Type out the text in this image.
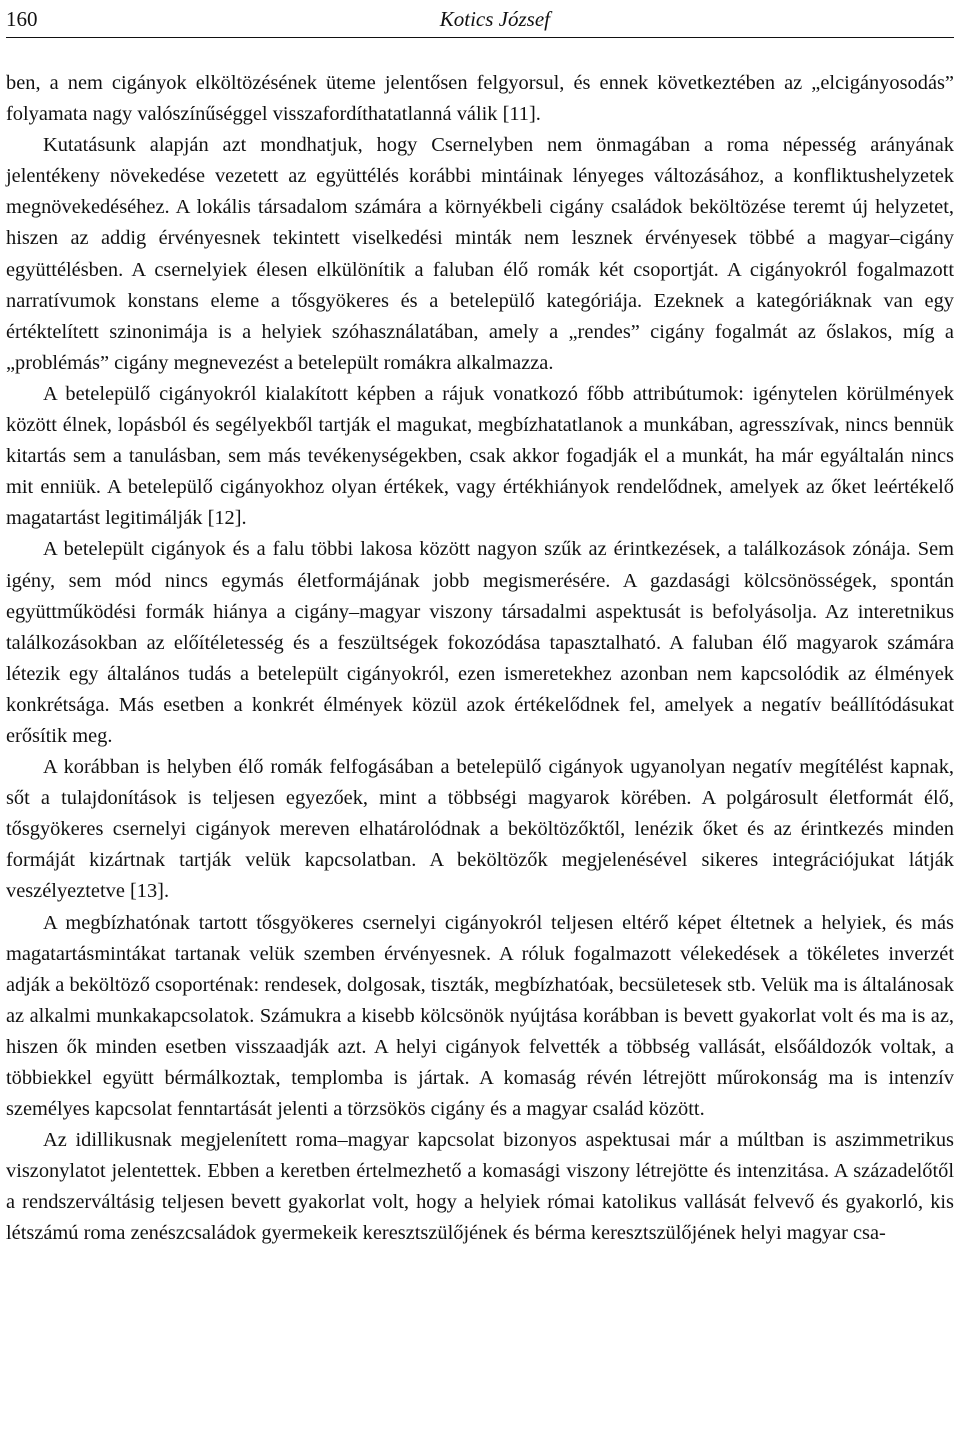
160	Kotics József

ben, a nem cigányok elköltözésének üteme jelentősen felgyorsul, és ennek következtében az „elcigányosodás” folyamata nagy valószínűséggel visszafordíthatatlanná válik [11].

Kutatásunk alapján azt mondhatjuk, hogy Csernelyben nem önmagában a roma népesség arányának jelentékeny növekedése vezetett az együttélés korábbi mintáinak lényeges változásához, a konfliktushelyzetek megnövekedéséhez. A lokális társadalom számára a környékbeli cigány családok beköltözése teremt új helyzetet, hiszen az addig érvényesnek tekintett viselkedési minták nem lesznek érvényesek többé a magyar–cigány együttélésben. A csernelyiek élesen elkülönítik a faluban élő romák két csoportját. A cigányokról fogalmazott narratívumok konstans eleme a tősgyökeres és a betelepülő kategóriája. Ezeknek a kategóriáknak van egy értéktelített szinonimája is a helyiek szóhasználatában, amely a „rendes” cigány fogalmát az őslakos, míg a „problémás” cigány megnevezést a betelepült romákra alkalmazza.

A betelepülő cigányokról kialakított képben a rájuk vonatkozó főbb attribútumok: igénytelen körülmények között élnek, lopásból és segélyekből tartják el magukat, megbízhatatlanok a munkában, agresszívak, nincs bennük kitartás sem a tanulásban, sem más tevékenységekben, csak akkor fogadják el a munkát, ha már egyáltalán nincs mit enniük. A betelepülő cigányokhoz olyan értékek, vagy értékhiányok rendelődnek, amelyek az őket leértékelő magatartást legitimálják [12].

A betelepült cigányok és a falu többi lakosa között nagyon szűk az érintkezések, a találkozások zónája. Sem igény, sem mód nincs egymás életformájának jobb megismerésére. A gazdasági kölcsönösségek, spontán együttműködési formák hiánya a cigány–magyar viszony társadalmi aspektusát is befolyásolja. Az interetnikus találkozásokban az előítéletesség és a feszültségek fokozódása tapasztalható. A faluban élő magyarok számára létezik egy általános tudás a betelepült cigányokról, ezen ismeretekhez azonban nem kapcsolódik az élmények konkrétsága. Más esetben a konkrét élmények közül azok értékelődnek fel, amelyek a negatív beállítódásukat erősítik meg.

A korábban is helyben élő romák felfogásában a betelepülő cigányok ugyanolyan negatív megítélést kapnak, sőt a tulajdonítások is teljesen egyezőek, mint a többségi magyarok körében. A polgárosult életformát élő, tősgyökeres csernelyi cigányok mereven elhatárolódnak a beköltözőktől, lenézik őket és az érintkezés minden formáját kizártnak tartják velük kapcsolatban. A beköltözők megjelenésével sikeres integrációjukat látják veszélyeztetve [13].

A megbízhatónak tartott tősgyökeres csernelyi cigányokról teljesen eltérő képet éltetnek a helyiek, és más magatartásmintákat tartanak velük szemben érvényesnek. A róluk fogalmazott vélekedések a tökéletes inverzét adják a beköltöző csoporténak: rendesek, dolgosak, tiszták, megbízhatóak, becsületesek stb. Velük ma is általánosak az alkalmi munkakapcsolatok. Számukra a kisebb kölcsönök nyújtása korábban is bevett gyakorlat volt és ma is az, hiszen ők minden esetben visszaadják azt. A helyi cigányok felvették a többség vallását, elsőáldozók voltak, a többiekkel együtt bérmálkoztak, templomba is jártak. A komaság révén létrejött műrokonság ma is intenzív személyes kapcsolat fenntartását jelenti a törzsökös cigány és a magyar család között.

Az idillikusnak megjelenített roma–magyar kapcsolat bizonyos aspektusai már a múltban is aszimmetrikus viszonylatot jelentettek. Ebben a keretben értelmezhető a komasági viszony létrejötte és intenzitása. A századelőtől a rendszerváltásig teljesen bevett gyakorlat volt, hogy a helyiek római katolikus vallását felvevő és gyakorló, kis létszámú roma zenészcsaládok gyermekeik keresztszülőjének és bérma keresztszülőjének helyi magyar csa-
